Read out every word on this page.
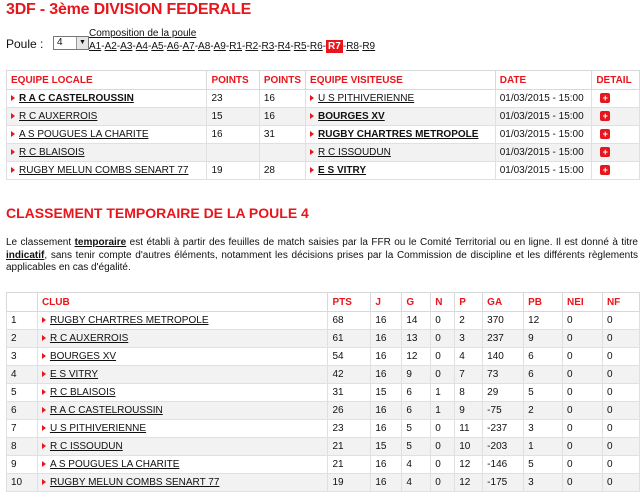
3DF - 3ème DIVISION FEDERALE
Poule :	4	▼
Composition de la poule
A1-A2-A3-A4-A5-A6-A7-A8-A9-R1-R2-R3-R4-R5-R6- R7 -R8-R9
EQUIPE LOCALE	POINTS	POINTS	EQUIPE VISITEUSE	DATE	DETAIL
R A C CASTELROUSSIN	23	16	U S PITHIVERIENNE	01/03/2015 - 15:00	+
R C AUXERROIS	15	16	BOURGES XV	01/03/2015 - 15:00	+
A S POUGUES LA CHARITE	16	31	RUGBY CHARTRES METROPOLE	01/03/2015 - 15:00	+
R C BLAISOIS			R C ISSOUDUN	01/03/2015 - 15:00	+
RUGBY MELUN COMBS SENART 77	19	28	E S VITRY	01/03/2015 - 15:00	+
CLASSEMENT TEMPORAIRE DE LA POULE 4
Le classement temporaire est établi à partir des feuilles de match saisies par la FFR ou le Comité Territorial ou en ligne. Il est donné à titre indicatif, sans tenir compte d'autres éléments, notamment les décisions prises par la Commission de discipline et les différents règlements applicables en cas d'égalité.
	CLUB	PTS	J	G	N	P	GA	PB	NEI	NF
1	RUGBY CHARTRES METROPOLE	68	16	14	0	2	370	12	0	0
2	R C AUXERROIS	61	16	13	0	3	237	9	0	0
3	BOURGES XV	54	16	12	0	4	140	6	0	0
4	E S VITRY	42	16	9	0	7	73	6	0	0
5	R C BLAISOIS	31	15	6	1	8	29	5	0	0
6	R A C CASTELROUSSIN	26	16	6	1	9	-75	2	0	0
7	U S PITHIVERIENNE	23	16	5	0	11	-237	3	0	0
8	R C ISSOUDUN	21	15	5	0	10	-203	1	0	0
9	A S POUGUES LA CHARITE	21	16	4	0	12	-146	5	0	0
10	RUGBY MELUN COMBS SENART 77	19	16	4	0	12	-175	3	0	0
